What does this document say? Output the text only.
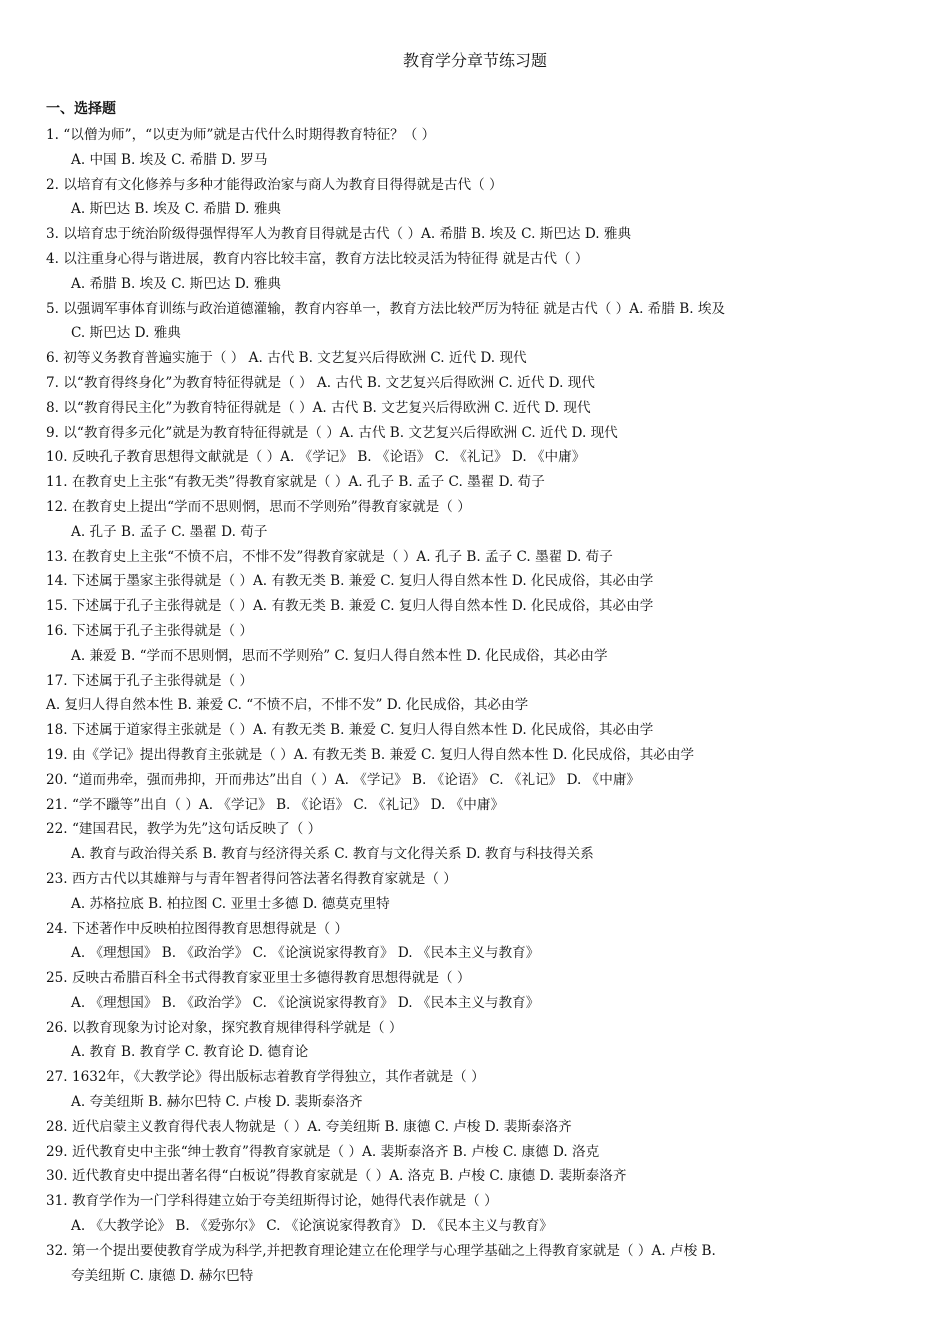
教育学分章节练习题
一、选择题
1. “以僧为师”，“以吏为师”就是古代什么时期得教育特征？（ ）
A. 中国 B. 埃及 C. 希腊 D. 罗马
2. 以培育有文化修养与多种才能得政治家与商人为教育目得得就是古代（ ）
A. 斯巴达 B. 埃及 C. 希腊 D. 雅典
3. 以培育忠于统治阶级得强悍得军人为教育目得就是古代（ ）A. 希腊 B. 埃及 C. 斯巴达 D. 雅典
4. 以注重身心得与谐进展，教育内容比较丰富，教育方法比较灵活为特征得 就是古代（ ）
A. 希腊 B. 埃及 C. 斯巴达 D. 雅典
5. 以强调军事体育训练与政治道德灌输，教育内容单一，教育方法比较严厉为特征 就是古代（ ）A. 希腊 B. 埃及
C. 斯巴达 D. 雅典
6. 初等义务教育普遍实施于（ ） A. 古代 B. 文艺复兴后得欧洲 C. 近代 D. 现代
7. 以“教育得终身化”为教育特征得就是（ ） A. 古代 B. 文艺复兴后得欧洲 C. 近代 D. 现代
8. 以“教育得民主化”为教育特征得就是（ ）A. 古代 B. 文艺复兴后得欧洲 C. 近代 D. 现代
9. 以“教育得多元化”就是为教育特征得就是（ ）A. 古代 B. 文艺复兴后得欧洲 C. 近代 D. 现代
10. 反映孔子教育思想得文献就是（ ）A. 《学记》 B. 《论语》 C. 《礼记》 D. 《中庸》
11. 在教育史上主张“有教无类”得教育家就是（ ）A. 孔子 B. 孟子 C. 墨翟 D. 荀子
12. 在教育史上提出“学而不思则惘，思而不学则殆”得教育家就是（ ）
A. 孔子 B. 孟子 C. 墨翟 D. 荀子
13. 在教育史上主张“不愤不启，不悱不发”得教育家就是（ ）A. 孔子 B. 孟子 C. 墨翟 D. 荀子
14. 下述属于墨家主张得就是（ ）A. 有教无类 B. 兼爱 C. 复归人得自然本性 D. 化民成俗，其必由学
15. 下述属于孔子主张得就是（ ）A. 有教无类 B. 兼爱 C. 复归人得自然本性 D. 化民成俗，其必由学
16. 下述属于孔子主张得就是（ ）
A. 兼爱 B. “学而不思则惘，思而不学则殆” C. 复归人得自然本性 D. 化民成俗，其必由学
17. 下述属于孔子主张得就是（ ）
A. 复归人得自然本性 B. 兼爱 C. “不愤不启，不悱不发” D. 化民成俗，其必由学
18. 下述属于道家得主张就是（ ）A. 有教无类 B. 兼爱 C. 复归人得自然本性 D. 化民成俗，其必由学
19. 由《学记》提出得教育主张就是（ ）A. 有教无类 B. 兼爱 C. 复归人得自然本性 D. 化民成俗，其必由学
20. “道而弗牵，强而弗抑，开而弗达”出自（ ）A. 《学记》 B. 《论语》 C. 《礼记》 D. 《中庸》
21. “学不躐等”出自（ ）A. 《学记》 B. 《论语》 C. 《礼记》 D. 《中庸》
22. “建国君民，教学为先”这句话反映了（ ）
A. 教育与政治得关系 B. 教育与经济得关系 C. 教育与文化得关系 D. 教育与科技得关系
23. 西方古代以其雄辩与与青年智者得问答法著名得教育家就是（ ）
A. 苏格拉底 B. 柏拉图 C. 亚里士多德 D. 德莫克里特
24. 下述著作中反映柏拉图得教育思想得就是（ ）
A. 《理想国》 B. 《政治学》 C. 《论演说家得教育》 D. 《民本主义与教育》
25. 反映古希腊百科全书式得教育家亚里士多德得教育思想得就是（ ）
A. 《理想国》 B. 《政治学》 C. 《论演说家得教育》 D. 《民本主义与教育》
26. 以教育现象为讨论对象，探究教育规律得科学就是（ ）
A. 教育 B. 教育学 C. 教育论 D. 德育论
27. 1632年，《大教学论》得出版标志着教育学得独立，其作者就是（ ）
A. 夸美纽斯 B. 赫尔巴特 C. 卢梭 D. 裴斯泰洛齐
28. 近代启蒙主义教育得代表人物就是（ ）A. 夸美纽斯 B. 康德 C. 卢梭 D. 裴斯泰洛齐
29. 近代教育史中主张“绅士教育”得教育家就是（ ）A. 裴斯泰洛齐 B. 卢梭 C. 康德 D. 洛克
30. 近代教育史中提出著名得“白板说”得教育家就是（ ）A. 洛克 B. 卢梭 C. 康德 D. 裴斯泰洛齐
31. 教育学作为一门学科得建立始于夸美纽斯得讨论，她得代表作就是（ ）
A. 《大教学论》 B. 《爱弥尔》 C. 《论演说家得教育》 D. 《民本主义与教育》
32. 第一个提出要使教育学成为科学,并把教育理论建立在伦理学与心理学基础之上得教育家就是（ ）A. 卢梭 B.
夸美纽斯 C. 康德 D. 赫尔巴特
